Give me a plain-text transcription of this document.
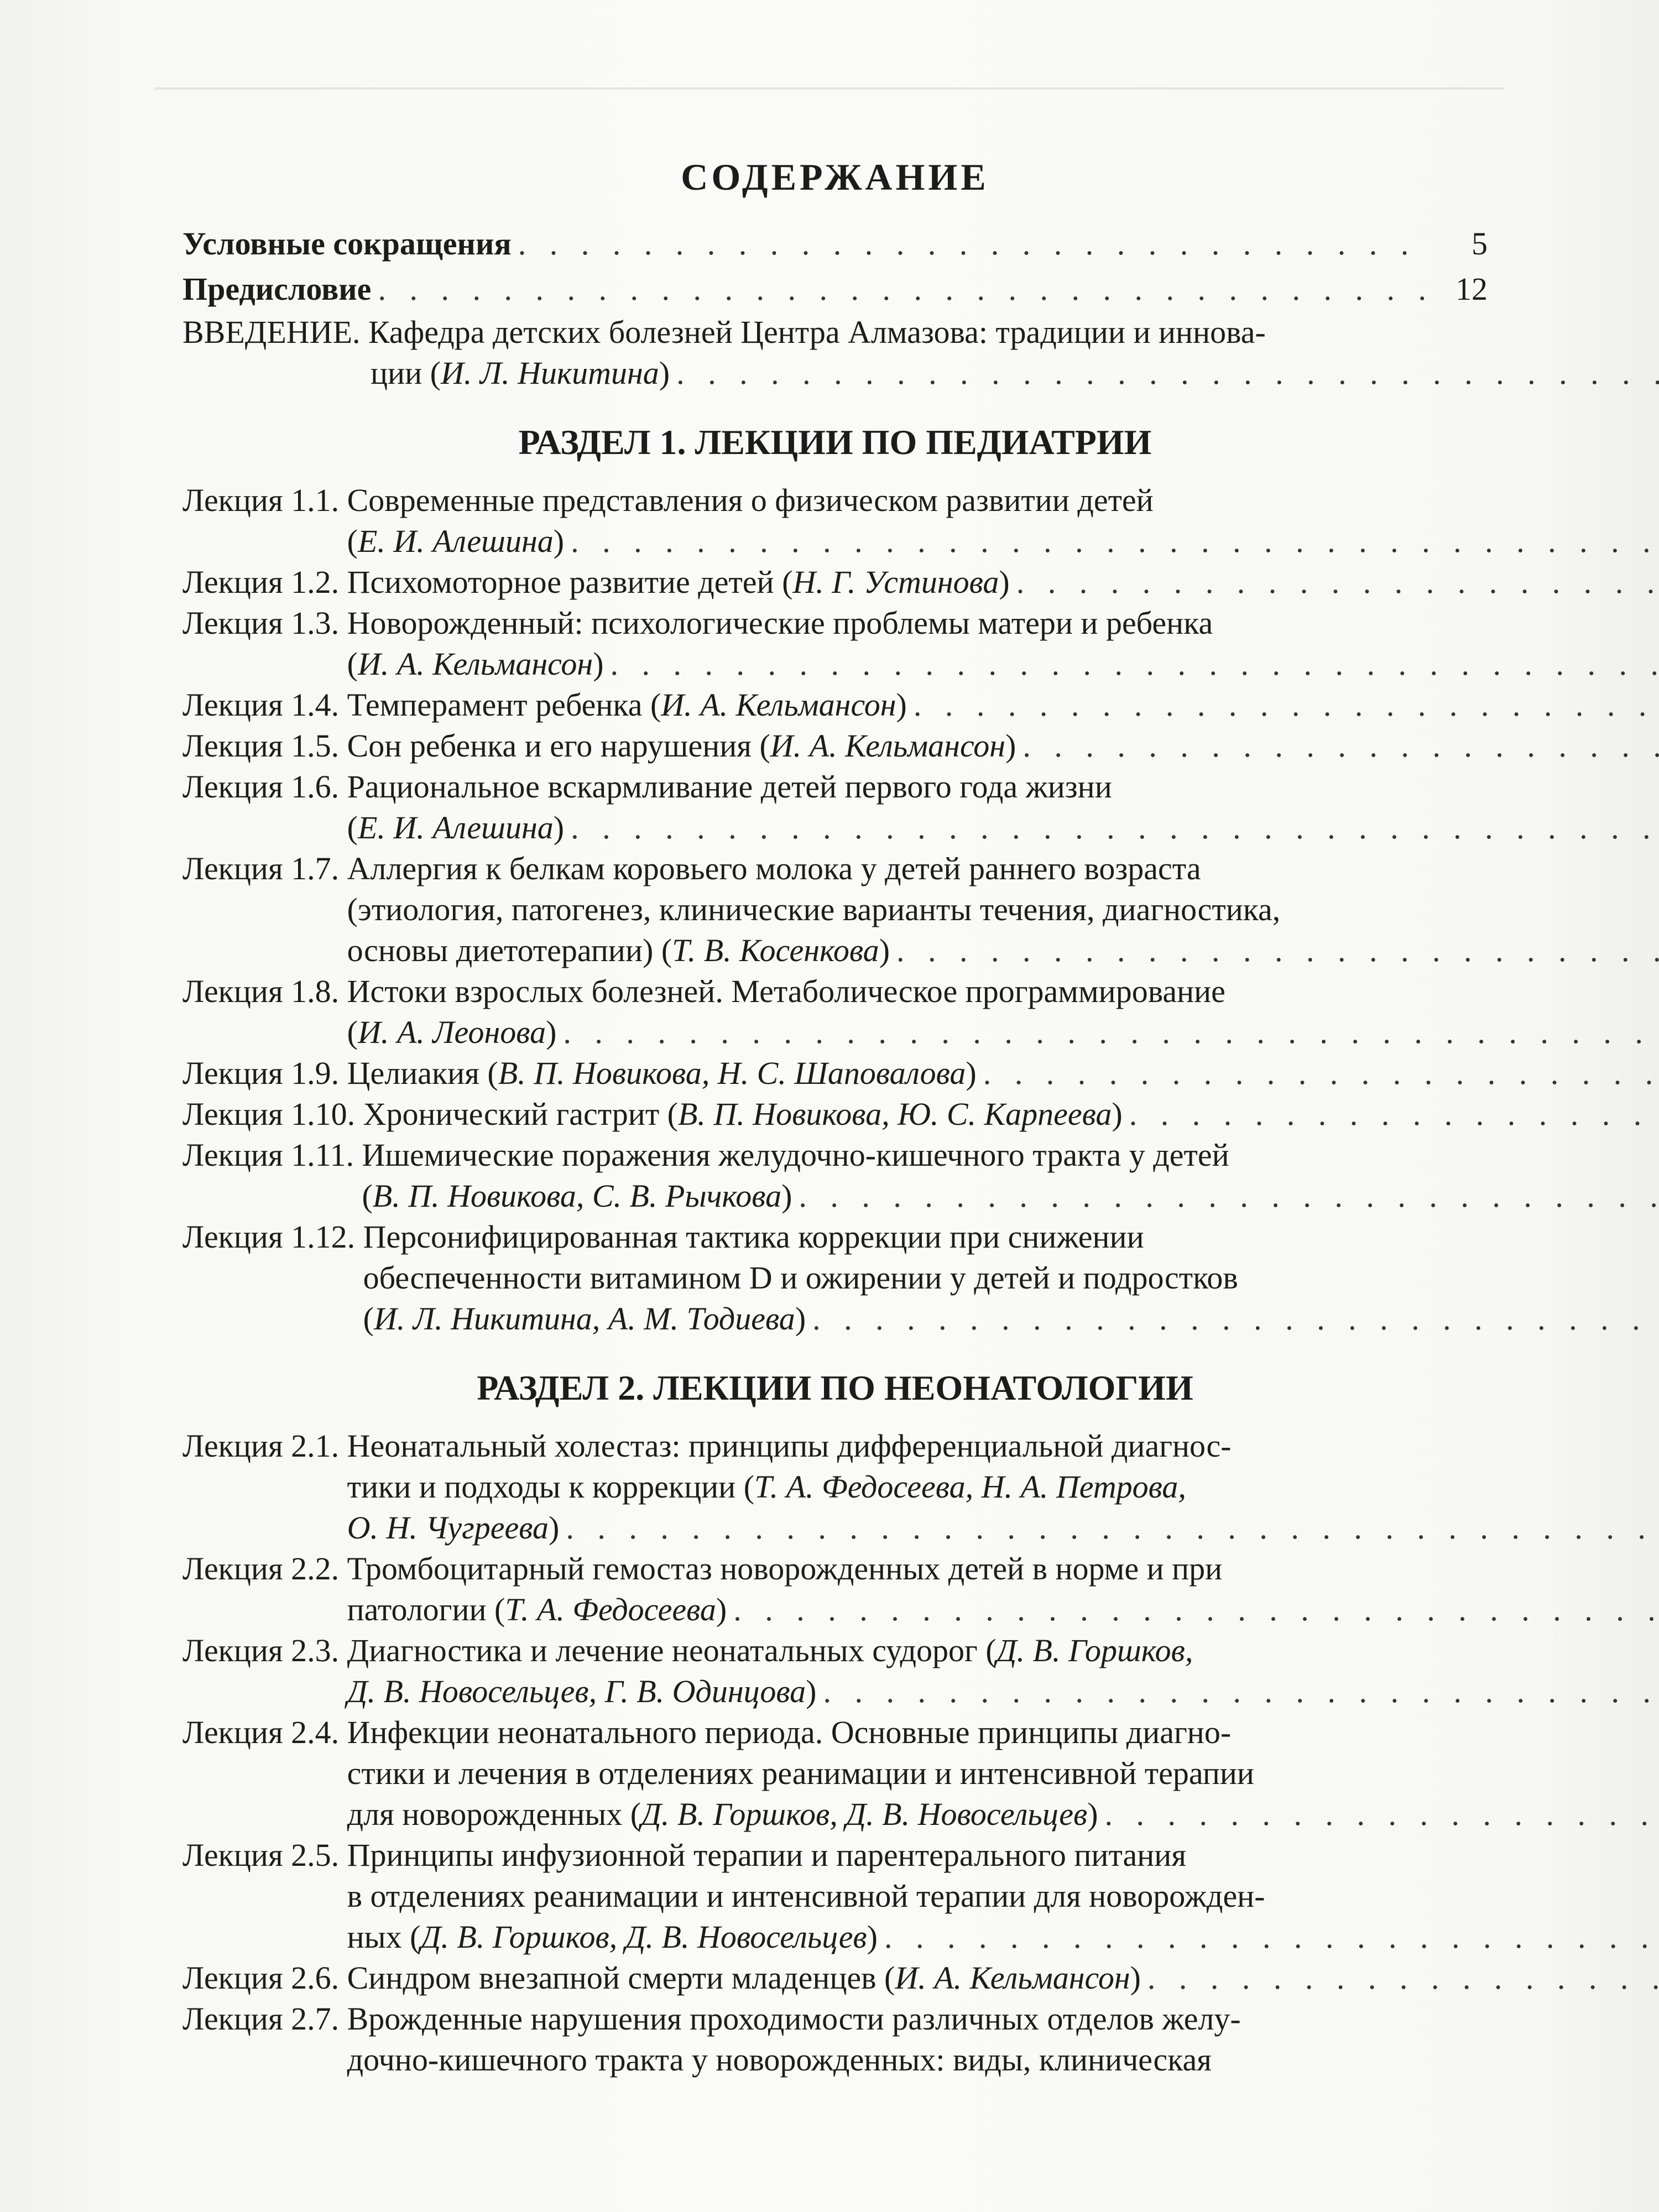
СОДЕРЖАНИЕ
Условные сокращения . . .	5
Предисловие . . .	12
ВВЕДЕНИЕ. Кафедра детских болезней Центра Алмазова: традиции и иннова-
ции (И. Л. Никитина)
. . .
РАЗДЕЛ 1. ЛЕКЦИИ ПО ПЕДИАТРИИ
Лекция 1.1. Современные представления о физическом развитии детей
(Е. И. Алешина)
. . .
Лекция 1.2. Психомоторное развитие детей (Н. Г. Устинова)
. . .
Лекция 1.3. Новорожденный: психологические проблемы матери и ребенка
(И. А. Кельмансон)
. . .
Лекция 1.4. Темперамент ребенка (И. А. Кельмансон)
. . .
Лекция 1.5. Сон ребенка и его нарушения (И. А. Кельмансон)
. . .
Лекция 1.6. Рациональное вскармливание детей первого года жизни
(Е. И. Алешина)
. . .
Лекция 1.7. Аллергия к белкам коровьего молока у детей раннего возраста
(этиология, патогенез, клинические варианты течения, диагностика,
основы диетотерапии) (Т. В. Косенкова)
. . .
Лекция 1.8. Истоки взрослых болезней. Метаболическое программирование
(И. А. Леонова)
. . .
Лекция 1.9. Целиакия (В. П. Новикова, Н. С. Шаповалова)
. . .
Лекция 1.10. Хронический гастрит (В. П. Новикова, Ю. С. Карпеева)
. . .
Лекция 1.11. Ишемические поражения желудочно-кишечного тракта у детей
(В. П. Новикова, С. В. Рычкова)
. . .
Лекция 1.12. Персонифицированная тактика коррекции при снижении
обеспеченности витамином D и ожирении у детей и подростков
(И. Л. Никитина, А. М. Тодиева)
. . .
РАЗДЕЛ 2. ЛЕКЦИИ ПО НЕОНАТОЛОГИИ
Лекция 2.1. Неонатальный холестаз: принципы дифференциальной диагнос-
тики и подходы к коррекции (Т. А. Федосеева, Н. А. Петрова,
О. Н. Чугреева)
. . .
Лекция 2.2. Тромбоцитарный гемостаз новорожденных детей в норме и при
патологии (Т. А. Федосеева)
. . .
Лекция 2.3. Диагностика и лечение неонатальных судорог (Д. В. Горшков,
Д. В. Новосельцев, Г. В. Одинцова)
. . .
Лекция 2.4. Инфекции неонатального периода. Основные принципы диагно-
стики и лечения в отделениях реанимации и интенсивной терапии
для новорожденных (Д. В. Горшков, Д. В. Новосельцев)
. . .
Лекция 2.5. Принципы инфузионной терапии и парентерального питания
в отделениях реанимации и интенсивной терапии для новорожден-
ных (Д. В. Горшков, Д. В. Новосельцев)
. . .
Лекция 2.6. Синдром внезапной смерти младенцев (И. А. Кельмансон)
. . .
Лекция 2.7. Врожденные нарушения проходимости различных отделов желу-
дочно-кишечного тракта у новорожденных: виды, клиническая
